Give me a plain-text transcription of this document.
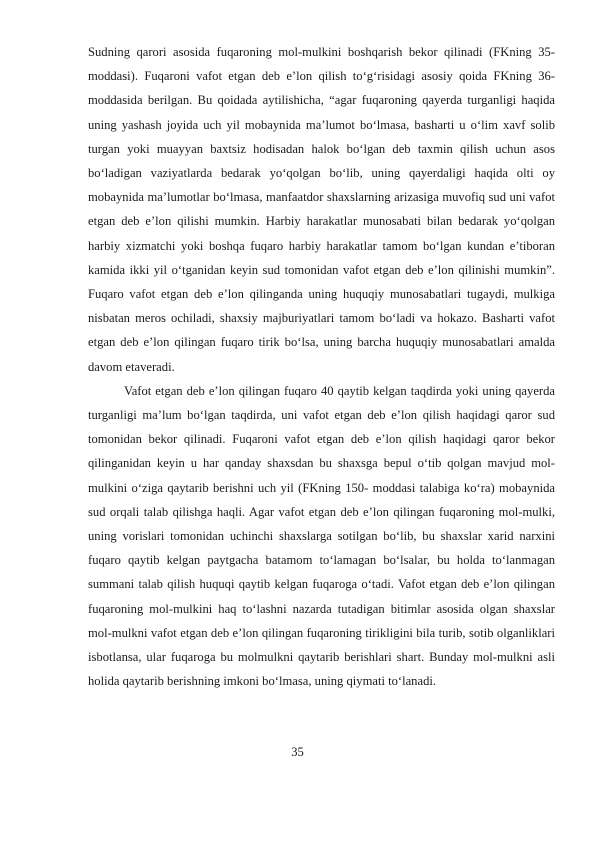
Sudning qarori asosida fuqaroning mol-mulkini boshqarish bekor qilinadi (FKning 35-moddasi). Fuqaroni vafot etgan deb e’lon qilish to‘g‘risidagi asosiy qoida FKning 36- moddasida berilgan. Bu qoidada aytilishicha, “agar fuqaroning qayerda turganligi haqida uning yashash joyida uch yil mobaynida ma’lumot bo‘lmasa, basharti u o‘lim xavf solib turgan yoki muayyan baxtsiz hodisadan halok bo‘lgan deb taxmin qilish uchun asos bo‘ladigan vaziyatlarda bedarak yo‘qolgan bo‘lib, uning qayerdaligi haqida olti oy mobaynida ma’lumotlar bo‘lmasa, manfaatdor shaxslarning arizasiga muvofiq sud uni vafot etgan deb e’lon qilishi mumkin. Harbiy harakatlar munosabati bilan bedarak yo‘qolgan harbiy xizmatchi yoki boshqa fuqaro harbiy harakatlar tamom bo‘lgan kundan e’tiboran kamida ikki yil o‘tganidan keyin sud tomonidan vafot etgan deb e’lon qilinishi mumkin”. Fuqaro vafot etgan deb e’lon qilinganda uning huquqiy munosabatlari tugaydi, mulkiga nisbatan meros ochiladi, shaxsiy majburiyatlari tamom bo‘ladi va hokazo. Basharti vafot etgan deb e’lon qilingan fuqaro tirik bo‘lsa, uning barcha huquqiy munosabatlari amalda davom etaveradi.

Vafot etgan deb e’lon qilingan fuqaro 40 qaytib kelgan taqdirda yoki uning qayerda turganligi ma’lum bo‘lgan taqdirda, uni vafot etgan deb e’lon qilish haqidagi qaror sud tomonidan bekor qilinadi. Fuqaroni vafot etgan deb e’lon qilish haqidagi qaror bekor qilinganidan keyin u har qanday shaxsdan bu shaxsga bepul o‘tib qolgan mavjud mol-mulkini o‘ziga qaytarib berishni uch yil (FKning 150- moddasi talabiga ko‘ra) mobaynida sud orqali talab qilishga haqli. Agar vafot etgan deb e’lon qilingan fuqaroning mol-mulki, uning vorislari tomonidan uchinchi shaxslarga sotilgan bo‘lib, bu shaxslar xarid narxini fuqaro qaytib kelgan paytgacha batamom to‘lamagan bo‘lsalar, bu holda to‘lanmagan summani talab qilish huquqi qaytib kelgan fuqaroga o‘tadi. Vafot etgan deb e’lon qilingan fuqaroning mol-mulkini haq to‘lashni nazarda tutadigan bitimlar asosida olgan shaxslar mol-mulkni vafot etgan deb e’lon qilingan fuqaroning tirikligini bila turib, sotib olganliklari isbotlansa, ular fuqaroga bu molmulkni qaytarib berishlari shart. Bunday mol-mulkni asli holida qaytarib berishning imkoni bo‘lmasa, uning qiymati to‘lanadi.

35
